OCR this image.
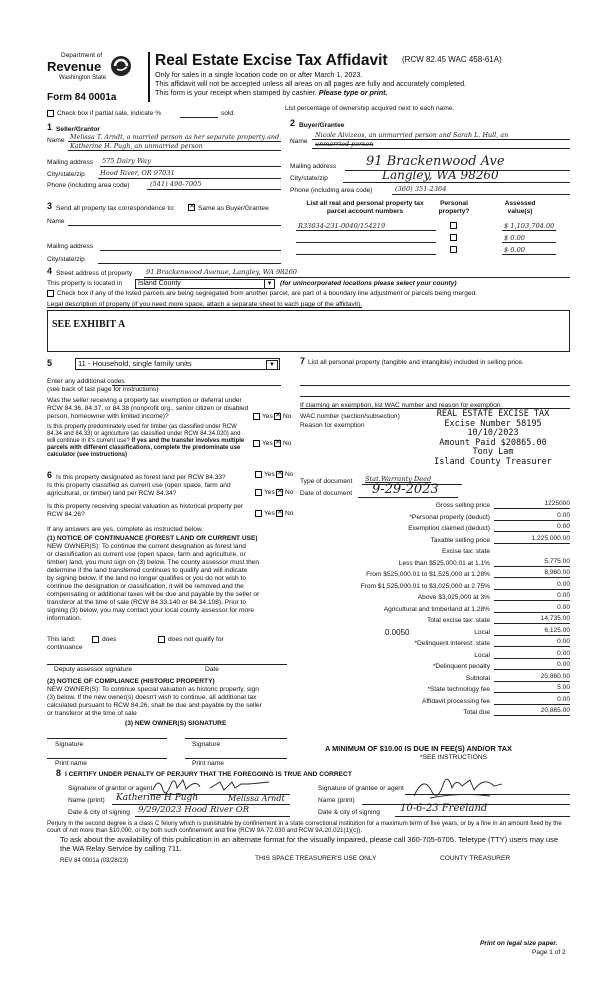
Department of
Revenue
Washington State
Form 84 0001a
Real Estate Excise Tax Affidavit (RCW 82.45 WAC 458-61A)
Only for sales in a single location code on or after March 1, 2023.
This affidavit will not be accepted unless all areas on all pages are fully and accurately completed.
This form is your receipt when stamped by cashier. Please type or print.
Check box if partial sale, indicate %	sold.
List percentage of ownership acquired next to each name.
1 Seller/Grantor
Name Melissa T. Arndt, a married person as her separate property and
Katherine H. Pugh, an unmarried person
Mailing address 575 Dairy Way
City/state/zip Hood River, OR 97031
Phone (including area code)	(541) 490-7005
2 Buyer/Grantee
Name
Nicole Alvizeos, an unmarried person and Sarah L. Hull, an
unmarried person
Mailing address 91 Brackenwood Ave
City/state/zip	Langley, WA 98260
Phone (including area code)	(360) 351-2364
3 Send all property tax correspondence to: ✕	Same as Buyer/Grantee
Name
Mailing address
City/state/zip
List all real and personal property tax parcel account numbers
Personal property?
Assessed value(s)
R33034-231-0040/154219	$ 1,103,704.00
$ 0.00
$ 0.00
4 Street address of property 91 Brackenwood Avenue, Langley, WA 98260
This property is located in Island County	▼ (for unincorporated locations please select your county)
Check box if any of the listed parcels are being segregated from another parcel, are part of a boundary line adjustment or parcels being merged.
Legal description of property (if you need more space, attach a separate sheet to each page of the affidavit).
SEE EXHIBIT A
5	11 - Household, single family units	▼
Enter any additional codes
(see back of last page for instructions)
Was the seller receiving a property tax exemption or deferral under RCW 84.36, 84.37, or 84.38 (nonprofit org., senior citizen or disabled person, homeowner with limited income)?	Yes ✕ No
Is this property predominately used for timber (as classified under RCW 84.34 and 84.33) or agriculture (as classified under RCW 84.34.020) and will continue in it's current use? If yes and the transfer involves multiple parcels with different classifications, complete the predominate use calculator (see instructions)
Yes ✕ No
6 Is this property designated as forest land per RCW 84.33?	Yes ✕ No
Is this property classified as current use (open space, farm and agricultural, or timber) land per RCW 84.34?	Yes ✕ No
Is this property receiving special valuation as historical property per RCW 84.26?	Yes ✕ No
If any answers are yes, complete as instructed below.
(1) NOTICE OF CONTINUANCE (FOREST LAND OR CURRENT USE)
NEW OWNER(S): To continue the current designation as forest land
or classification as current use (open space, farm and agriculture, or
timber) land, you must sign on (3) below. The county assessor must then
determine if the land transferred continues to qualify and will indicate
by signing below. If the land no longer qualifies or you do not wish to
continue the designation or classification, it will be removed and the
compensating or additional taxes will be due and payable by the seller or
transferor at the time of sale (RCW 84.33.140 or 84.34.108). Prior to
signing (3) below, you may contact your local county assessor for more
information.
This land:
continuance
does	does not qualify for
Deputy assessor signature	Date
(2) NOTICE OF COMPLIANCE (HISTORIC PROPERTY)
NEW OWNER(S): To continue special valuation as historic property, sign
(3) below. If the new owner(s) doesn't wish to continue, all additional tax
calculated pursuant to RCW 84.26, shall be due and payable by the seller
or transferor at the time of sale
(3) NEW OWNER(S) SIGNATURE
Signature	Signature
Print name	Print name
7 List all personal property (tangible and intangible) included in selling price.
If claiming an exemption, list WAC number and reason for exemption
WAC number (section/subsection)
Reason for exemption
REAL ESTATE EXCISE TAX
Excise Number 58195
10/10/2023
Amount Paid $20865.00
Tony Lam
Island County Treasurer
Type of document Stat.Warranty Deed
Date of document 9-29-2023
Gross selling price	1225000
*Personal property (deduct)	0.00
Exemption claimed (deduct)	0.00
Taxable selling price	1,225,000.00
Excise tax: state
Less than $525,000.01 at 1.1%	5,775.00
From $525,000.01 to $1,525,000 at 1.28%	8,960.00
From $1,525,000.01 to $3,025,000 at 2.75%	0.00
Above $3,025,000 at 3%	0.00
Agricultural and timberland at 1.28%	0.00
Total excise tax: state	14,735.00
Local	6,125.00
0.0050
*Delinquent interest: state	0.00
Local	0.00
*Delinquent penalty	0.00
Subtotal	20,860.00
*State technology fee	5.00
Affidavit processing fee	0.00
Total due	20,865.00
A MINIMUM OF $10.00 IS DUE IN FEE(S) AND/OR TAX
*SEE INSTRUCTIONS
8 I CERTIFY UNDER PENALTY OF PERJURY THAT THE FOREGOING IS TRUE AND CORRECT
Signature of grantor or agent
Name (print) Katherine H Pugh	Melissa Arndt
Date & city of signing 9/29/2023 Hood River OR
Signature of grantee or agent
Name (print)
Date & city of signing 10-6-23 Freeland
Perjury in the second degree is a class C felony which is punishable by confinement in a state correctional institution for a maximum term of five years, or by a fine in an amount fixed by the court of not more than $10,000, or by both such confinement and fine (RCW 9A.72.030 and RCW 9A.20.021(1)(c)).
To ask about the availability of this publication in an alternate format for the visually impaired, please call 360-705-6705. Teletype (TTY) users may use the WA Relay Service by calling 711.
REV 84 0001a (03/28/23)	THIS SPACE TREASURER'S USE ONLY	COUNTY TREASURER
Print on legal size paper.
Page 1 of 2
